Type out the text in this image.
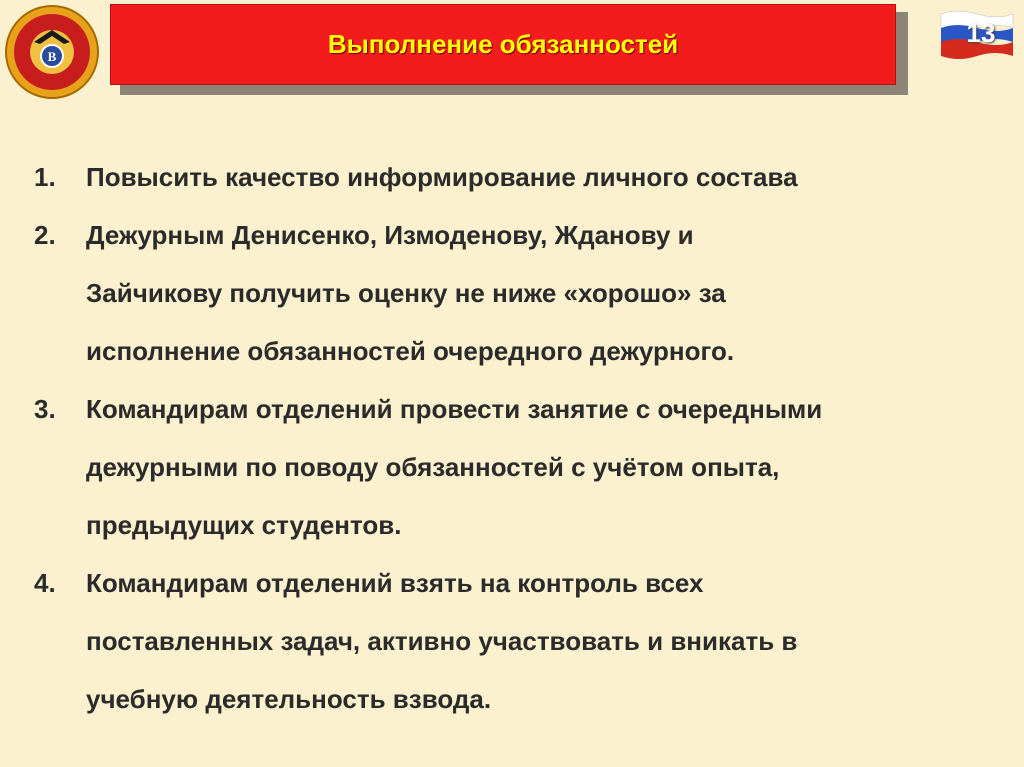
B	Выполнение обязанностей	13
1.	Повысить качество информирование личного состава
2.	Дежурным Денисенко, Измоденову, Жданову и
Зайчикову получить оценку не ниже «хорошо» за
исполнение обязанностей очередного дежурного.
3.	Командирам отделений провести занятие с очередными
дежурными по поводу обязанностей с учётом опыта,
предыдущих студентов.
4.	Командирам отделений взять на контроль всех
поставленных задач, активно участвовать и вникать в
учебную деятельность взвода.
